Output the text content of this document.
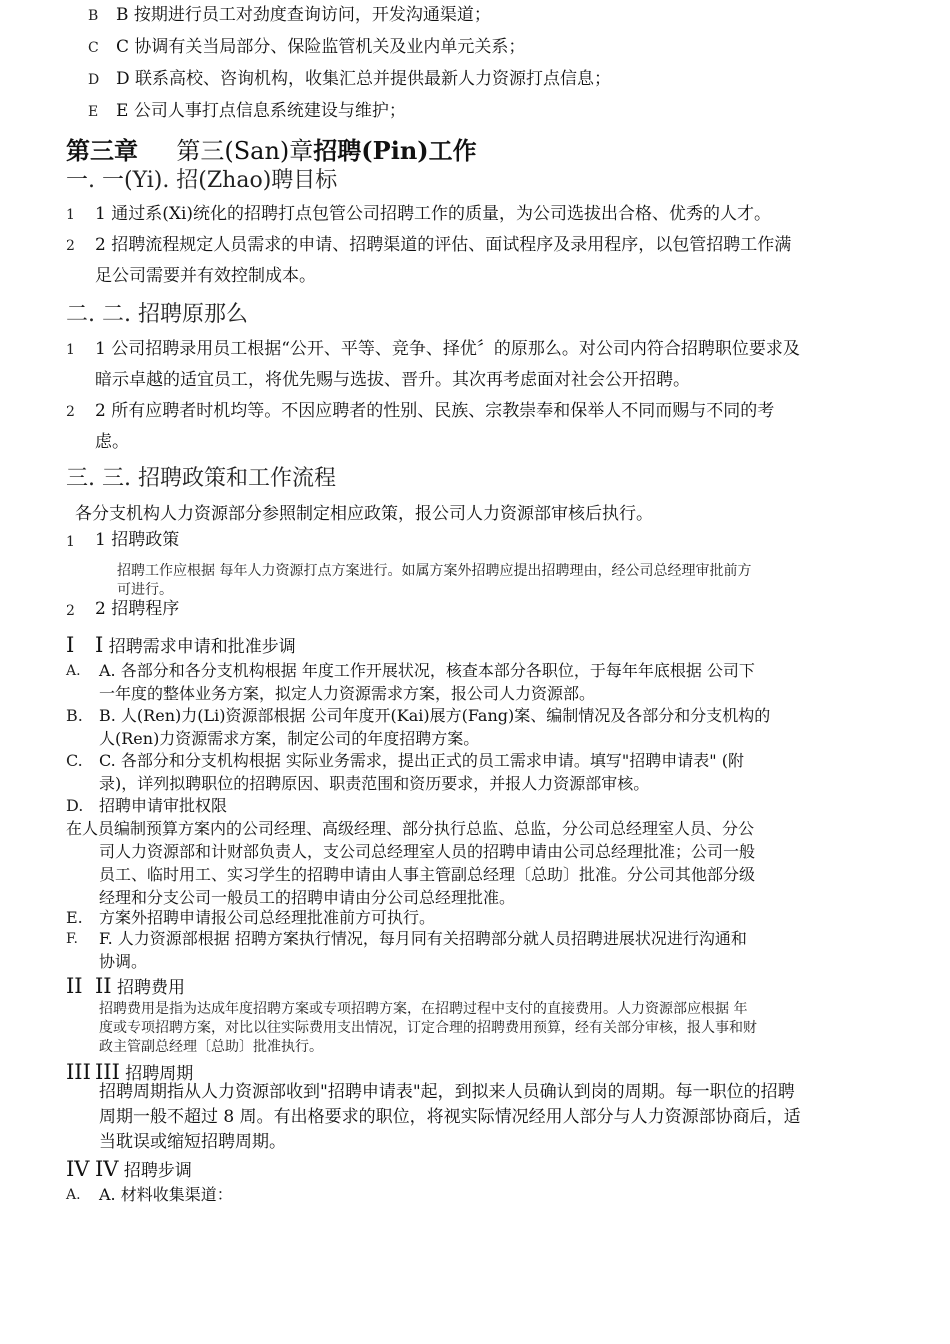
B B 按期进行员工对劲度查询访问，开发沟通渠道；
C C 协调有关当局部分、保险监管机关及业内单元关系；
D D 联系高校、咨询机构，收集汇总并提供最新人力资源打点信息；
E E 公司人事打点信息系统建设与维护；
第三章 第三(San)章招聘(Pin)工作
一. 一(Yi). 招(Zhao)聘目标
1 1 通过系(Xi)统化的招聘打点包管公司招聘工作的质量，为公司选拔出合格、优秀的人才。
2 2 招聘流程规定人员需求的申请、招聘渠道的评估、面试程序及录用程序，以包管招聘工作满
足公司需要并有效控制成本。
二. 二. 招聘原那么
1 1 公司招聘录用员工根据“公开、平等、竞争、择优〞的原那么。对公司内符合招聘职位要求及
暗示卓越的适宜员工，将优先赐与选拔、晋升。其次再考虑面对社会公开招聘。
2 2 所有应聘者时机均等。不因应聘者的性别、民族、宗教崇奉和保举人不同而赐与不同的考
虑。
三. 三. 招聘政策和工作流程
各分支机构人力资源部分参照制定相应政策，报公司人力资源部审核后执行。
1 1 招聘政策
招聘工作应根据 每年人力资源打点方案进行。如属方案外招聘应提出招聘理由，经公司总经理审批前方
可进行。
2 2 招聘程序
I I 招聘需求申请和批准步调
A. A. 各部分和各分支机构根据 年度工作开展状况，核查本部分各职位，于每年年底根据 公司下
一年度的整体业务方案，拟定人力资源需求方案，报公司人力资源部。
B. B. 人(Ren)力(Li)资源部根据 公司年度开(Kai)展方(Fang)案、编制情况及各部分和分支机构的
人(Ren)力资源需求方案，制定公司的年度招聘方案。
C. C. 各部分和分支机构根据 实际业务需求，提出正式的员工需求申请。填写"招聘申请表" (附
录)，详列拟聘职位的招聘原因、职责范围和资历要求，并报人力资源部审核。
D. 招聘申请审批权限
在人员编制预算方案内的公司经理、高级经理、部分执行总监、总监，分公司总经理室人员、分公
司人力资源部和计财部负责人，支公司总经理室人员的招聘申请由公司总经理批准；公司一般
员工、临时用工、实习学生的招聘申请由人事主管副总经理〔总助〕批准。分公司其他部分级
经理和分支公司一般员工的招聘申请由分公司总经理批准。
E. 方案外招聘申请报公司总经理批准前方可执行。
F. F. 人力资源部根据 招聘方案执行情况，每月同有关招聘部分就人员招聘进展状况进行沟通和
协调。
II II 招聘费用
招聘费用是指为达成年度招聘方案或专项招聘方案，在招聘过程中支付的直接费用。人力资源部应根据 年
度或专项招聘方案，对比以往实际费用支出情况，订定合理的招聘费用预算，经有关部分审核，报人事和财
政主管副总经理〔总助〕批准执行。
III III 招聘周期
招聘周期指从人力资源部收到"招聘申请表"起，到拟来人员确认到岗的周期。每一职位的招聘
周期一般不超过 8 周。有出格要求的职位，将视实际情况经用人部分与人力资源部协商后，适
当耽误或缩短招聘周期。
IV IV 招聘步调
A. A. 材料收集渠道：
